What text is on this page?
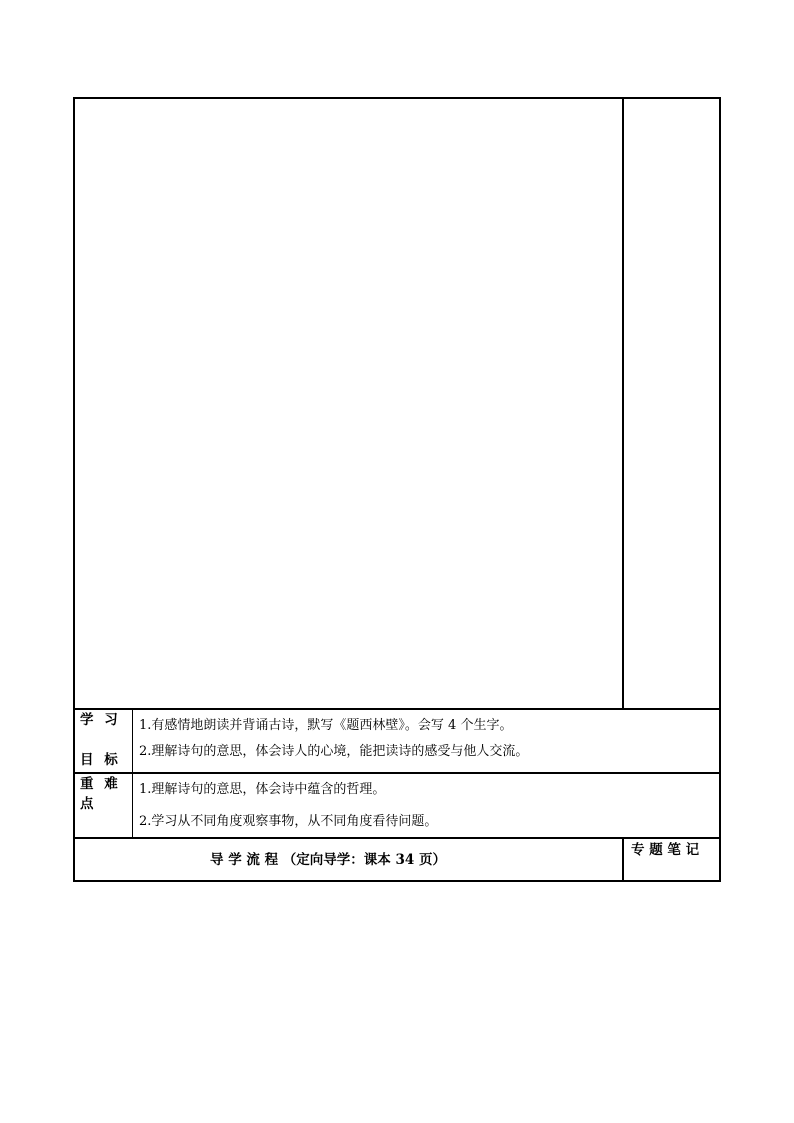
学 习
目 标
1.有感情地朗读并背诵古诗，默写《题西林壁》。会写 4 个生字。
2.理解诗句的意思，体会诗人的心境，能把读诗的感受与他人交流。
重 难
点
1.理解诗句的意思，体会诗中蕴含的哲理。
2.学习从不同角度观察事物，从不同角度看待问题。
导 学 流 程 （定向导学：课本 34 页）
专 题 笔 记
